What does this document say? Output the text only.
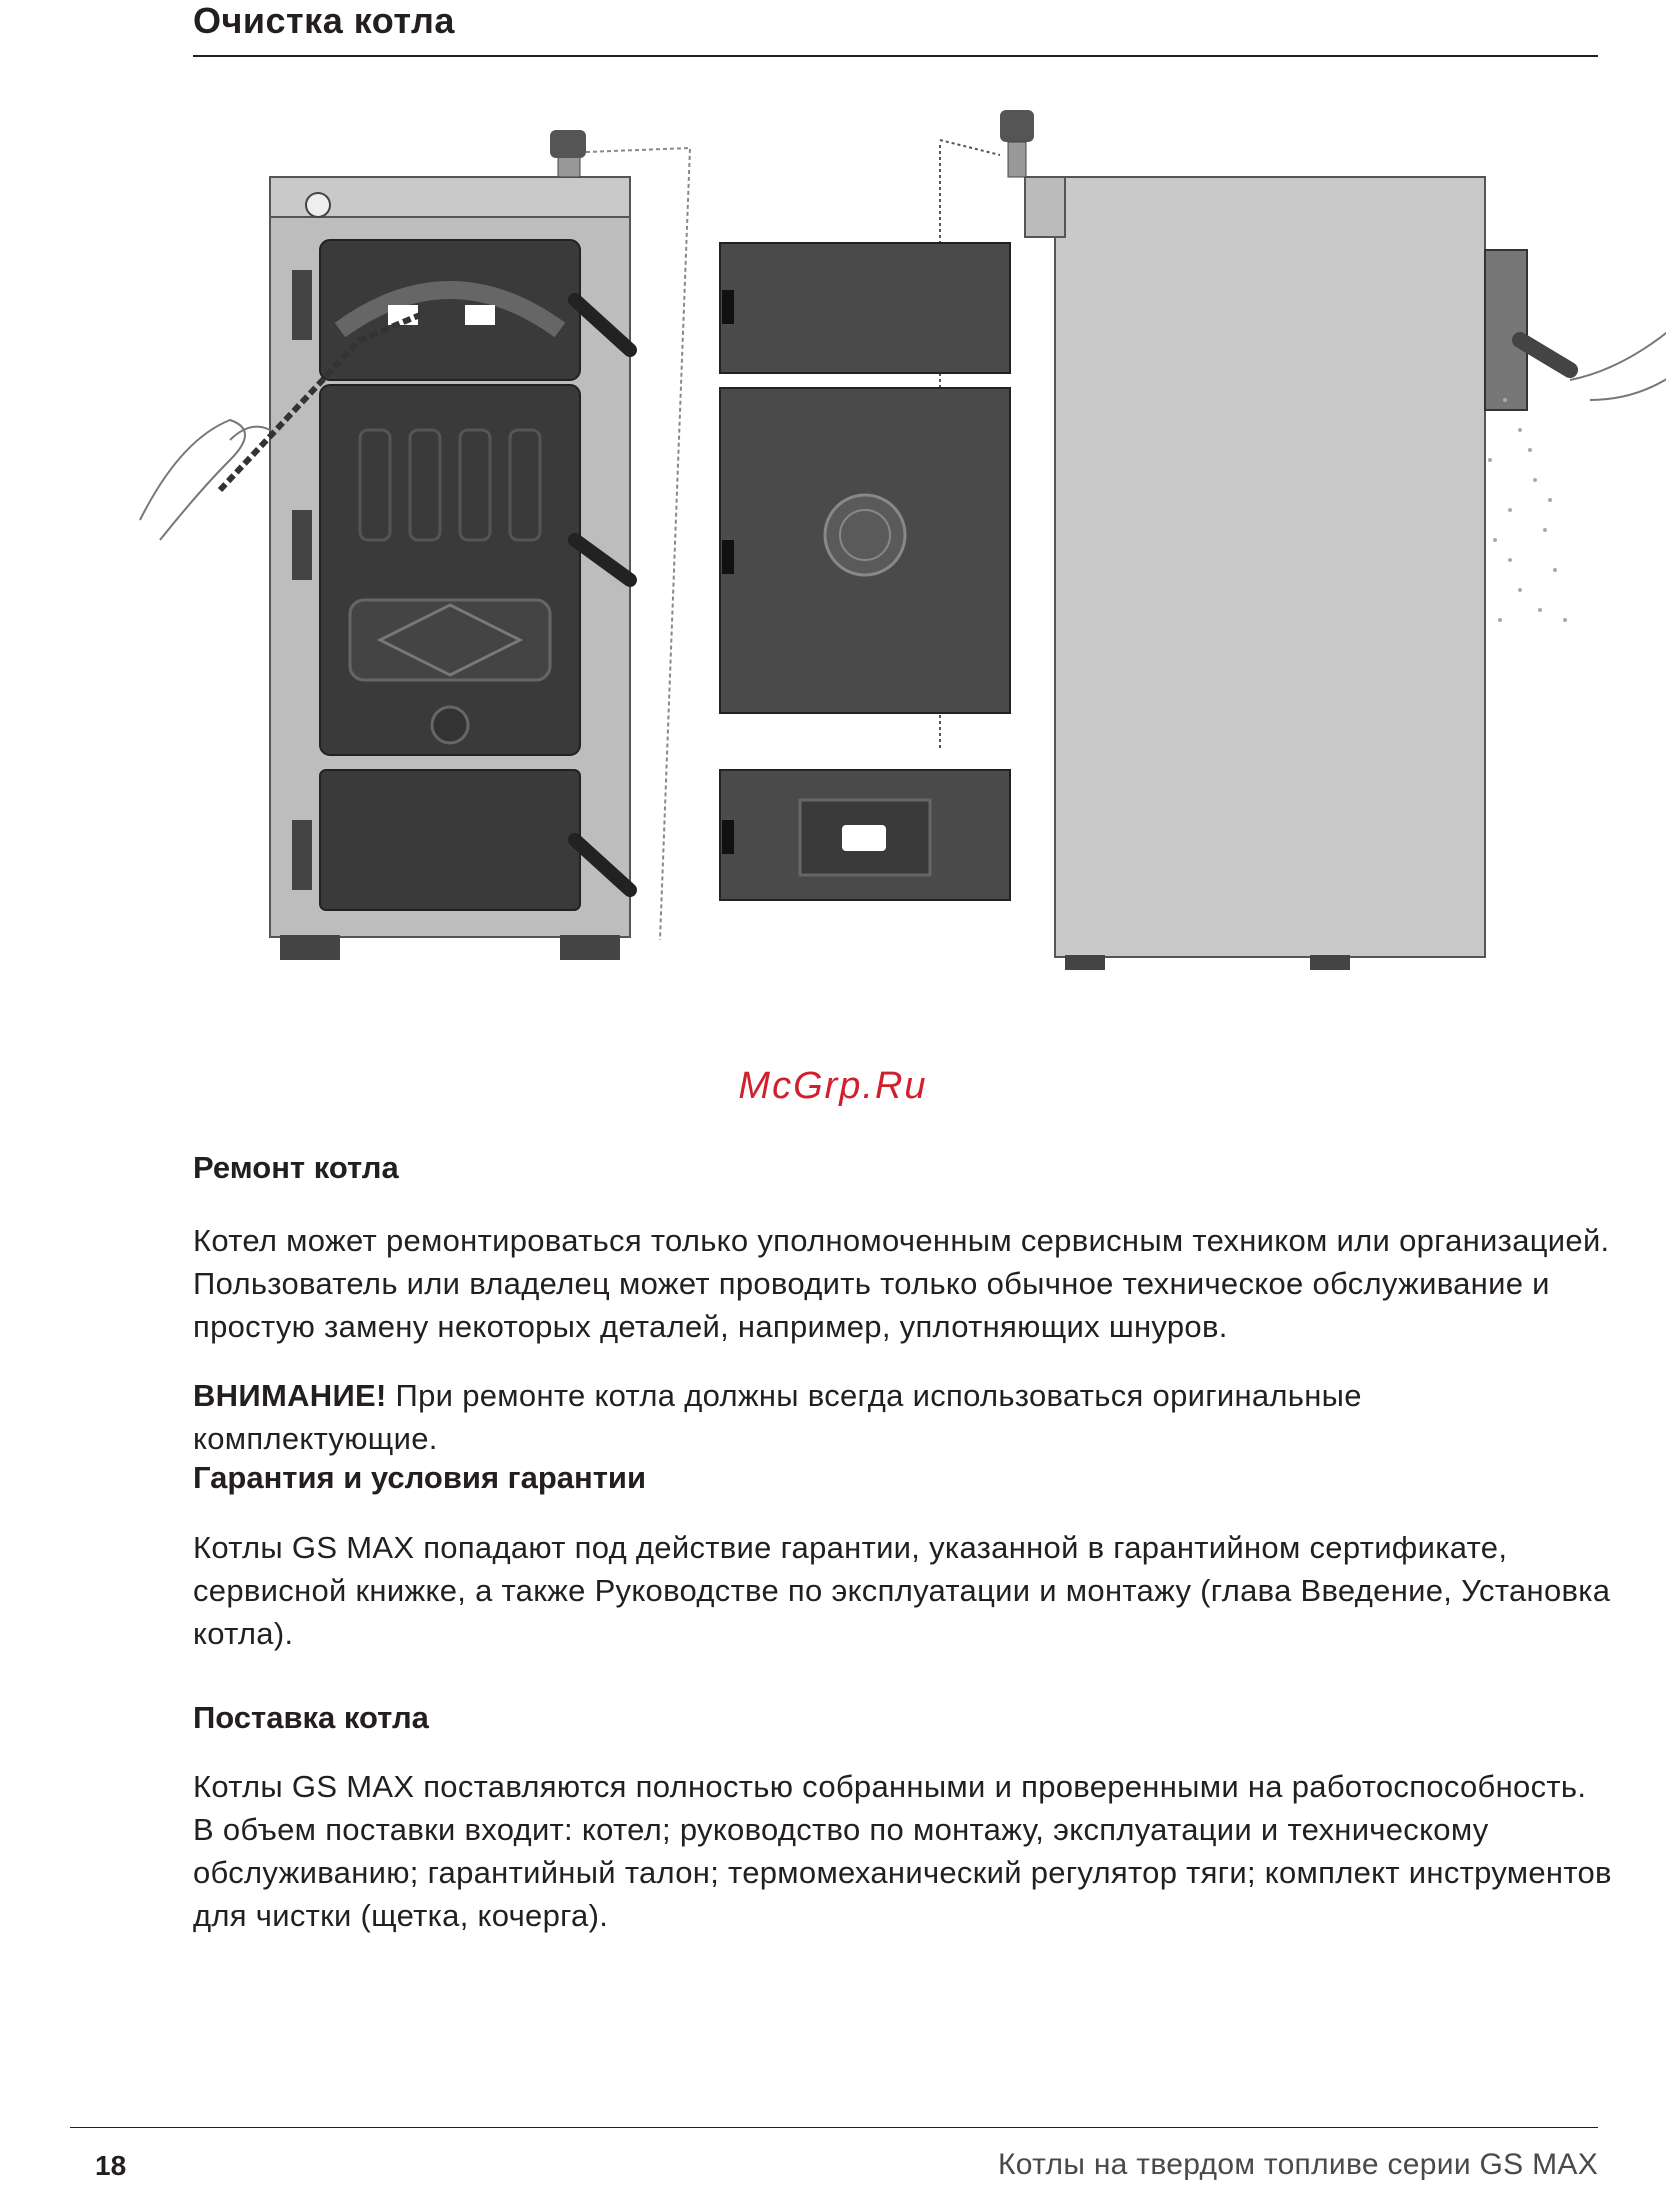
Очистка котла
McGrp.Ru
Ремонт котла

Котел может ремонтироваться только уполномоченным сервисным техником или организацией. Пользователь или владелец может проводить только обычное техническое обслуживание и простую замену некоторых деталей, например, уплотняющих шнуров.

ВНИМАНИЕ! При ремонте котла должны всегда использоваться оригинальные комплектующие.

Гарантия и условия гарантии

Котлы GS MAX попадают под действие гарантии, указанной в гарантийном сертификате, сервисной книжке, а также Руководстве по эксплуатации и монтажу (глава Введение, Установка котла).

Поставка котла

Котлы GS MAX поставляются полностью собранными и проверенными на работоспособность. В объем поставки входит: котел; руководство по монтажу, эксплуатации и техническому обслуживанию; гарантийный талон; термомеханический регулятор тяги; комплект инструментов для чистки (щетка, кочерга).

18	Котлы на твердом топливе серии GS MAX
